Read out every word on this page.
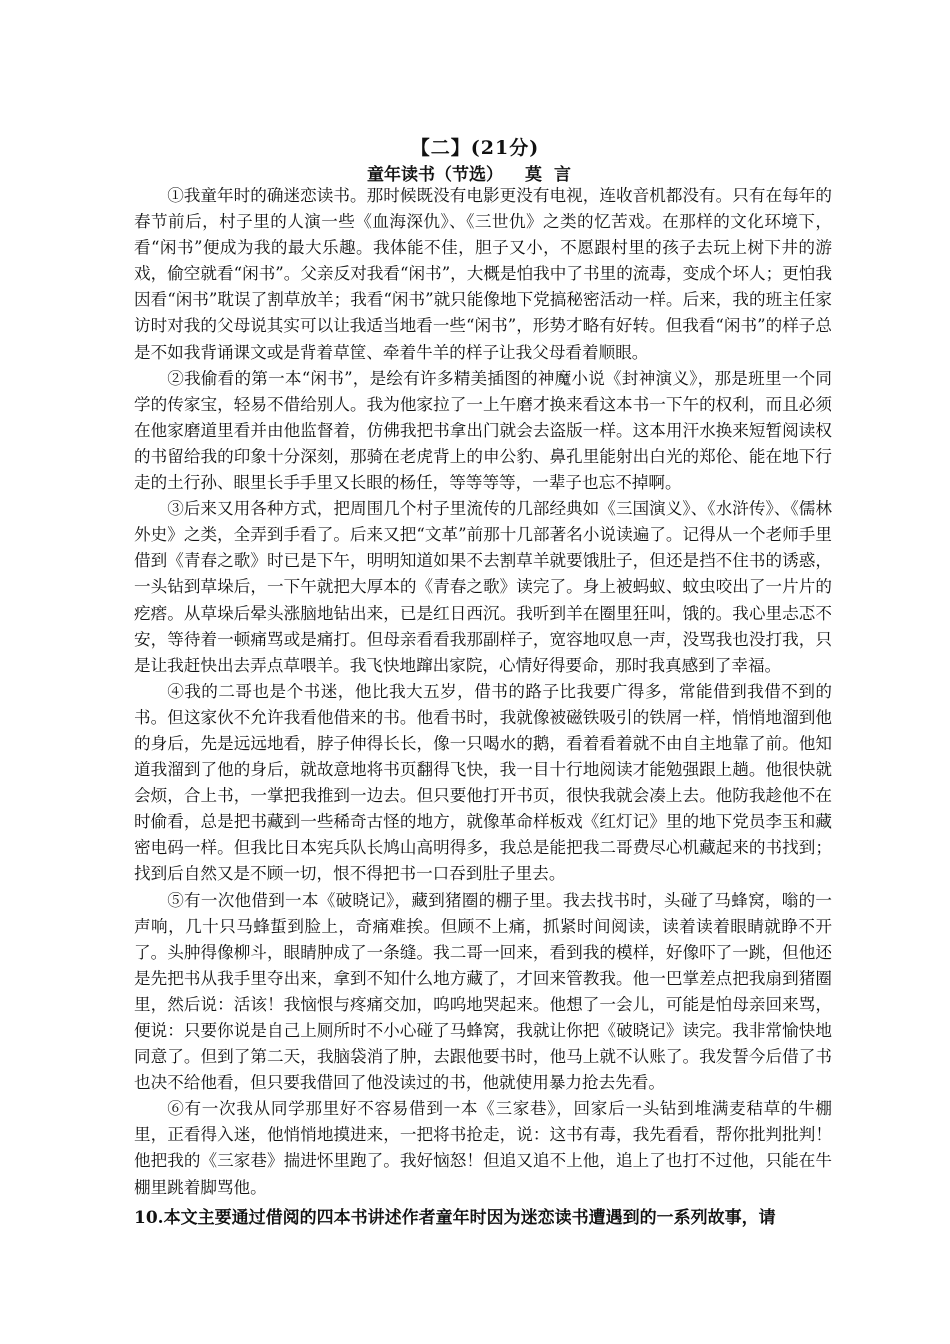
【二】(21分)
童年读书（节选） 莫言

①我童年时的确迷恋读书。那时候既没有电影更没有电视，连收音机都没有。只有在每年的春节前后，村子里的人演一些《血海深仇》、《三世仇》之类的忆苦戏。在那样的文化环境下，看“闲书”便成为我的最大乐趣。我体能不佳，胆子又小，不愿跟村里的孩子去玩上树下井的游戏，偷空就看“闲书”。父亲反对我看“闲书”，大概是怕我中了书里的流毒，变成个坏人；更怕我因看“闲书”耽误了割草放羊；我看“闲书”就只能像地下党搞秘密活动一样。后来，我的班主任家访时对我的父母说其实可以让我适当地看一些“闲书”，形势才略有好转。但我看“闲书”的样子总是不如我背诵课文或是背着草筐、牵着牛羊的样子让我父母看着顺眼。

②我偷看的第一本“闲书”，是绘有许多精美插图的神魔小说《封神演义》，那是班里一个同学的传家宝，轻易不借给别人。我为他家拉了一上午磨才换来看这本书一下午的权利，而且必须在他家磨道里看并由他监督着，仿佛我把书拿出门就会去盗版一样。这本用汗水换来短暂阅读权的书留给我的印象十分深刻，那骑在老虎背上的申公豹、鼻孔里能射出白光的郑伦、能在地下行走的土行孙、眼里长手手里又长眼的杨任，等等等等，一辈子也忘不掉啊。

③后来又用各种方式，把周围几个村子里流传的几部经典如《三国演义》、《水浒传》、《儒林外史》之类，全弄到手看了。后来又把“文革”前那十几部著名小说读遍了。记得从一个老师手里借到《青春之歌》时已是下午，明明知道如果不去割草羊就要饿肚子，但还是挡不住书的诱惑，一头钻到草垛后，一下午就把大厚本的《青春之歌》读完了。身上被蚂蚁、蚊虫咬出了一片片的疙瘩。从草垛后晕头涨脑地钻出来，已是红日西沉。我听到羊在圈里狂叫，饿的。我心里忐忑不安，等待着一顿痛骂或是痛打。但母亲看看我那副样子，宽容地叹息一声，没骂我也没打我，只是让我赶快出去弄点草喂羊。我飞快地蹿出家院，心情好得要命，那时我真感到了幸福。

④我的二哥也是个书迷，他比我大五岁，借书的路子比我要广得多，常能借到我借不到的书。但这家伙不允许我看他借来的书。他看书时，我就像被磁铁吸引的铁屑一样，悄悄地溜到他的身后，先是远远地看，脖子伸得长长，像一只喝水的鹅，看着看着就不由自主地靠了前。他知道我溜到了他的身后，就故意地将书页翻得飞快，我一目十行地阅读才能勉强跟上趟。他很快就会烦，合上书，一掌把我推到一边去。但只要他打开书页，很快我就会凑上去。他防我趁他不在时偷看，总是把书藏到一些稀奇古怪的地方，就像革命样板戏《红灯记》里的地下党员李玉和藏密电码一样。但我比日本宪兵队长鸠山高明得多，我总是能把我二哥费尽心机藏起来的书找到；找到后自然又是不顾一切，恨不得把书一口吞到肚子里去。

⑤有一次他借到一本《破晓记》，藏到猪圈的棚子里。我去找书时，头碰了马蜂窝，嗡的一声响，几十只马蜂蜇到脸上，奇痛难挨。但顾不上痛，抓紧时间阅读，读着读着眼睛就睁不开了。头肿得像柳斗，眼睛肿成了一条缝。我二哥一回来，看到我的模样，好像吓了一跳，但他还是先把书从我手里夺出来，拿到不知什么地方藏了，才回来管教我。他一巴掌差点把我扇到猪圈里，然后说：活该！我恼恨与疼痛交加，呜呜地哭起来。他想了一会儿，可能是怕母亲回来骂，便说：只要你说是自己上厕所时不小心碰了马蜂窝，我就让你把《破晓记》读完。我非常愉快地同意了。但到了第二天，我脑袋消了肿，去跟他要书时，他马上就不认账了。我发誓今后借了书也决不给他看，但只要我借回了他没读过的书，他就使用暴力抢去先看。

⑥有一次我从同学那里好不容易借到一本《三家巷》，回家后一头钻到堆满麦秸草的牛棚里，正看得入迷，他悄悄地摸进来，一把将书抢走，说：这书有毒，我先看看，帮你批判批判！他把我的《三家巷》揣进怀里跑了。我好恼怒！但追又追不上他，追上了也打不过他，只能在牛棚里跳着脚骂他。

10.本文主要通过借阅的四本书讲述作者童年时因为迷恋读书遭遇到的一系列故事，请
